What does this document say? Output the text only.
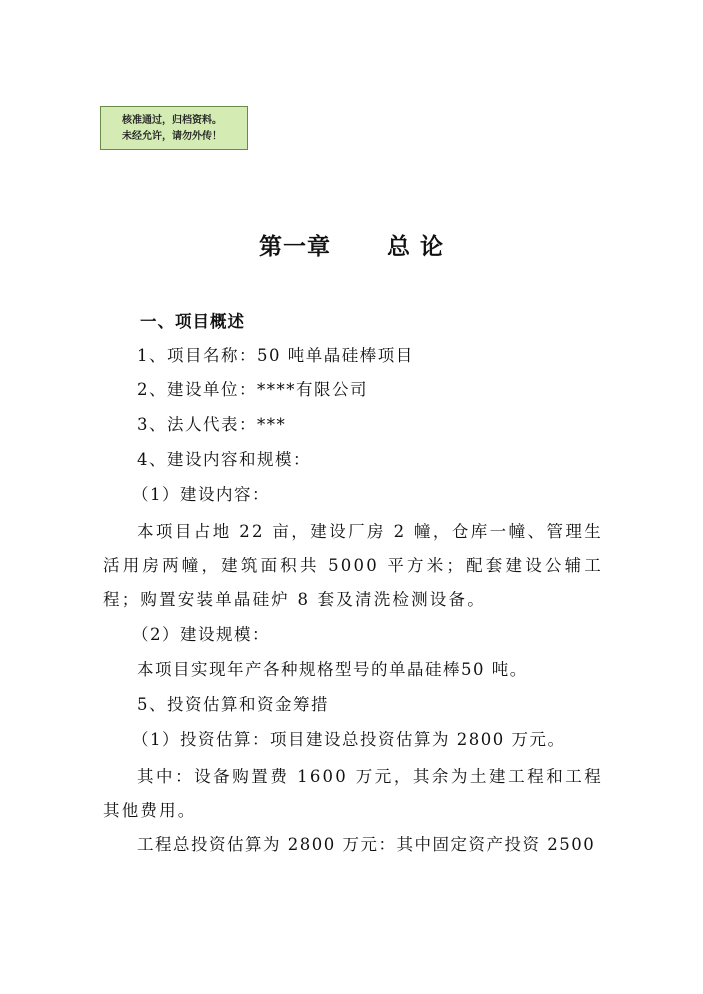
核准通过，归档资料。
未经允许，请勿外传！
第一章 总 论
一、项目概述
1、项目名称：50 吨单晶硅棒项目
2、建设单位：****有限公司
3、法人代表：***
4、建设内容和规模：
（1）建设内容：
本项目占地 22 亩，建设厂房 2 幢，仓库一幢、管理生活用房两幢，建筑面积共 5000 平方米；配套建设公辅工程；购置安装单晶硅炉 8 套及清洗检测设备。
（2）建设规模：
本项目实现年产各种规格型号的单晶硅棒50 吨。
5、投资估算和资金筹措
（1）投资估算：项目建设总投资估算为 2800 万元。
其中：设备购置费 1600 万元，其余为土建工程和工程其他费用。
工程总投资估算为 2800 万元：其中固定资产投资 2500
